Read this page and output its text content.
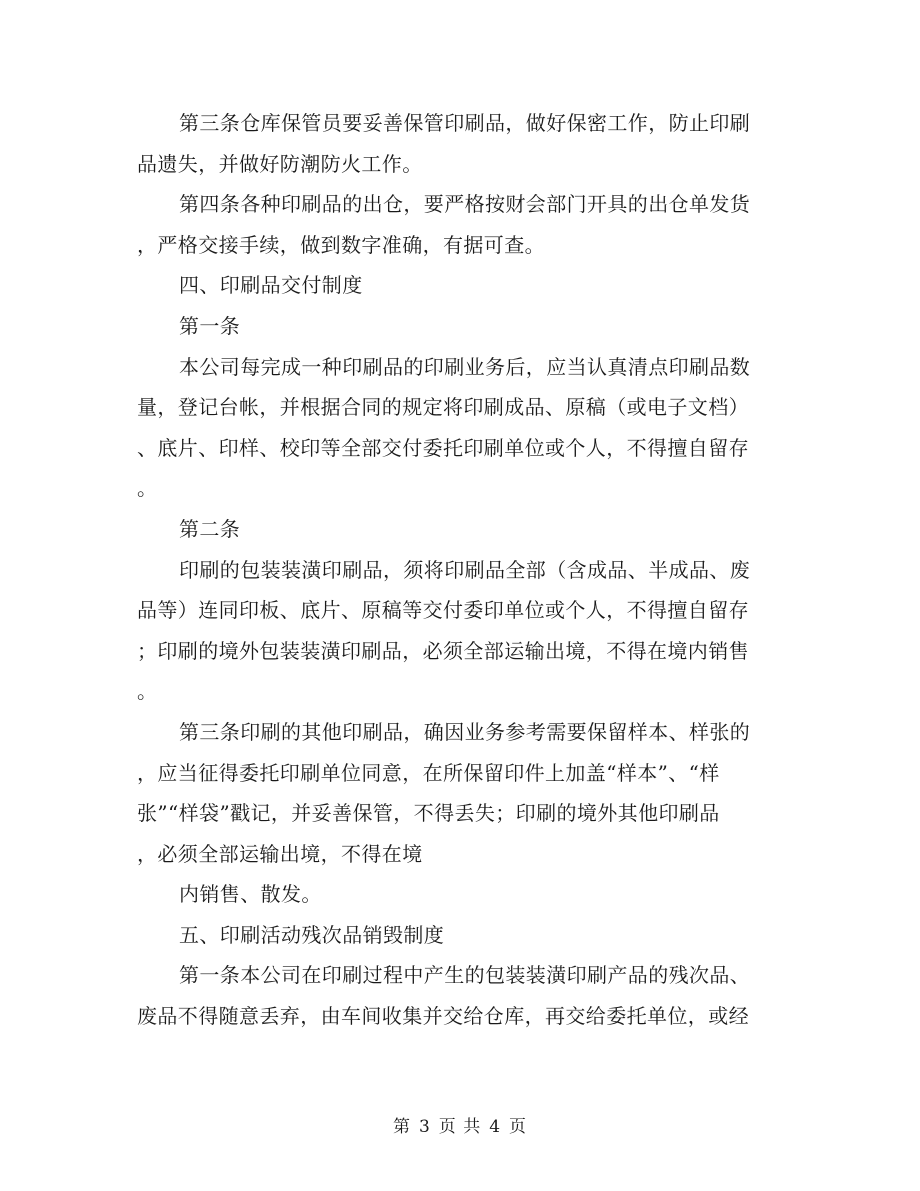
第三条仓库保管员要妥善保管印刷品，做好保密工作，防止印刷
品遗失，并做好防潮防火工作。
第四条各种印刷品的出仓，要严格按财会部门开具的出仓单发货
，严格交接手续，做到数字准确，有据可查。
四、印刷品交付制度
第一条
本公司每完成一种印刷品的印刷业务后，应当认真清点印刷品数
量，登记台帐，并根据合同的规定将印刷成品、原稿（或电子文档）
、底片、印样、校印等全部交付委托印刷单位或个人，不得擅自留存
。
第二条
印刷的包装装潢印刷品，须将印刷品全部（含成品、半成品、废
品等）连同印板、底片、原稿等交付委印单位或个人，不得擅自留存
；印刷的境外包装装潢印刷品，必须全部运输出境，不得在境内销售
。
第三条印刷的其他印刷品，确因业务参考需要保留样本、样张的
，应当征得委托印刷单位同意，在所保留印件上加盖“样本”、“样
张”“样袋”戳记，并妥善保管，不得丢失；印刷的境外其他印刷品
，必须全部运输出境，不得在境
内销售、散发。
五、印刷活动残次品销毁制度
第一条本公司在印刷过程中产生的包装装潢印刷产品的残次品、
废品不得随意丢弃，由车间收集并交给仓库，再交给委托单位，或经
第 3 页 共 4 页
